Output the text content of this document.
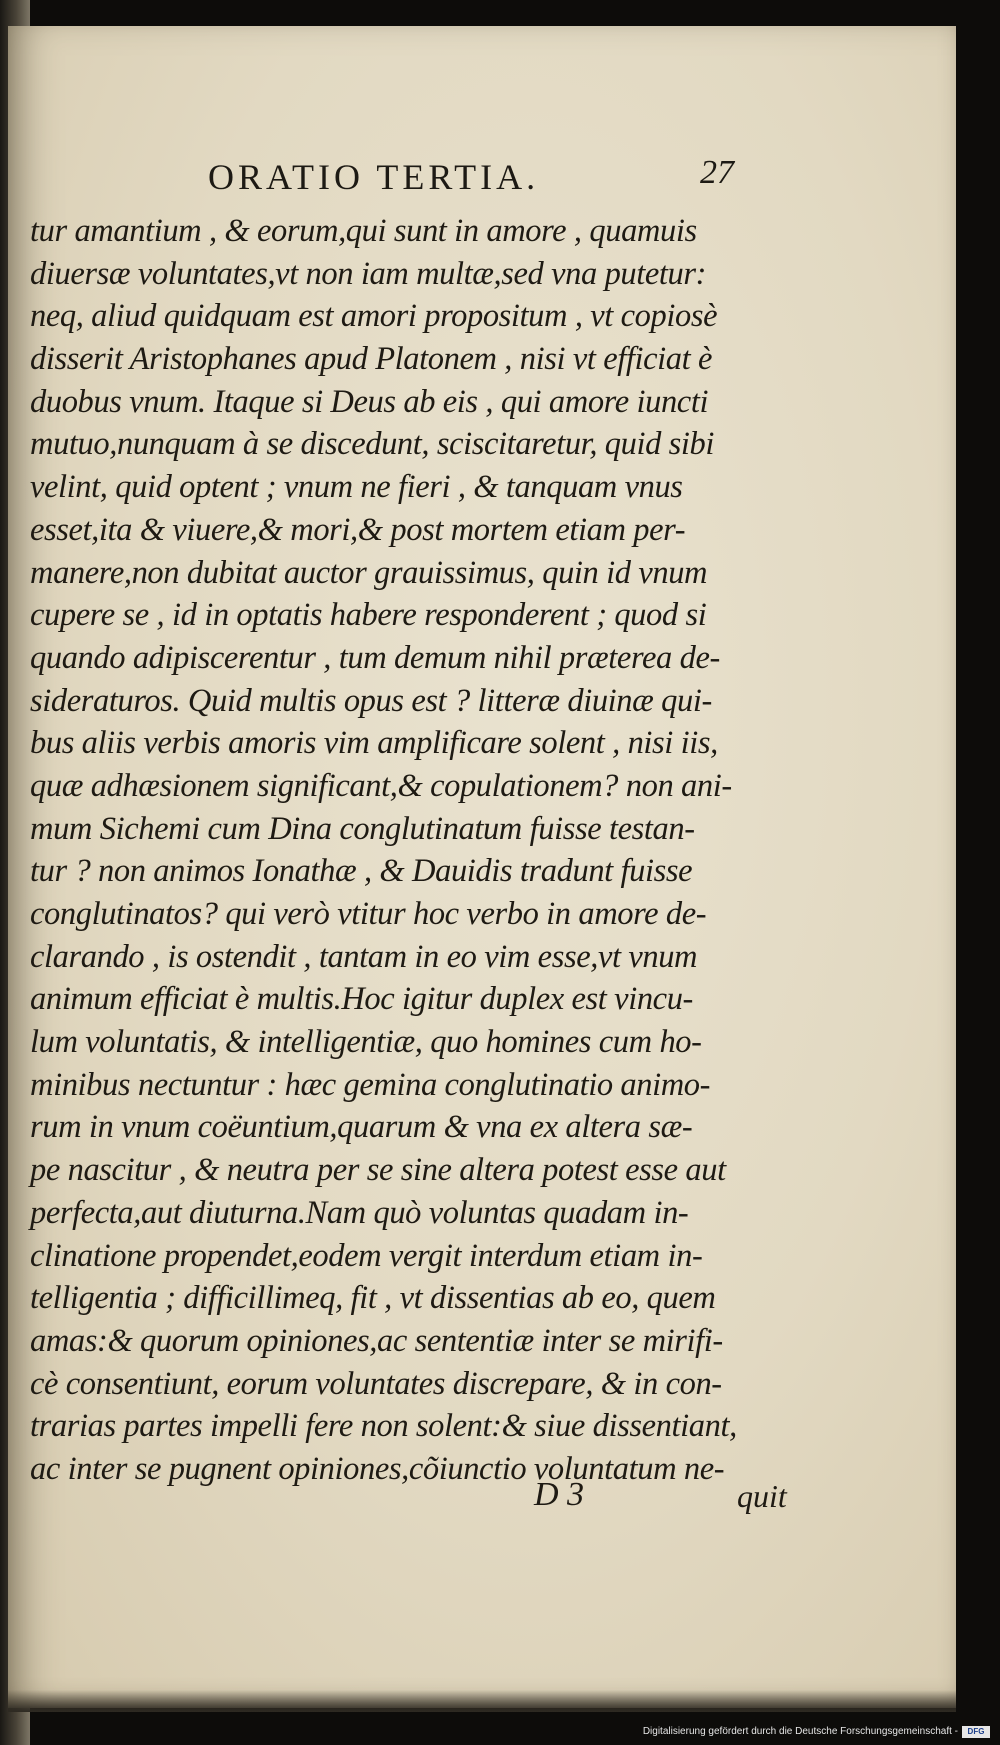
ORATIO TERTIA.	27
tur amantium , & eorum,qui sunt in amore , quamuis
diuersæ voluntates,vt non iam multæ,sed vna putetur:
neq, aliud quidquam est amori propositum , vt copiosè
disserit Aristophanes apud Platonem , nisi vt efficiat è
duobus vnum. Itaque si Deus ab eis , qui amore iuncti
mutuo,nunquam à se discedunt, sciscitaretur, quid sibi
velint, quid optent ; vnum ne fieri , & tanquam vnus
esset,ita & viuere,& mori,& post mortem etiam per-
manere,non dubitat auctor grauissimus, quin id vnum
cupere se , id in optatis habere responderent ; quod si
quando adipiscerentur , tum demum nihil præterea de-
sideraturos. Quid multis opus est ? litteræ diuinæ qui-
bus aliis verbis amoris vim amplificare solent , nisi iis,
quæ adhæsionem significant,& copulationem? non ani-
mum Sichemi cum Dina conglutinatum fuisse testan-
tur ? non animos Ionathæ , & Dauidis tradunt fuisse
conglutinatos? qui verò vtitur hoc verbo in amore de-
clarando , is ostendit , tantam in eo vim esse,vt vnum
animum efficiat è multis.Hoc igitur duplex est vincu-
lum voluntatis, & intelligentiæ, quo homines cum ho-
minibus nectuntur : hæc gemina conglutinatio animo-
rum in vnum coëuntium,quarum & vna ex altera sæ-
pe nascitur , & neutra per se sine altera potest esse aut
perfecta,aut diuturna.Nam quò voluntas quadam in-
clinatione propendet,eodem vergit interdum etiam in-
telligentia ; difficillimeq, fit , vt dissentias ab eo, quem
amas:& quorum opiniones,ac sententiæ inter se mirifi-
cè consentiunt, eorum voluntates discrepare, & in con-
trarias partes impelli fere non solent:& siue dissentiant,
ac inter se pugnent opiniones,cõiunctio voluntatum ne-
D 3	quit
Digitalisierung gefördert durch die Deutsche Forschungsgemeinschaft -	DFG
